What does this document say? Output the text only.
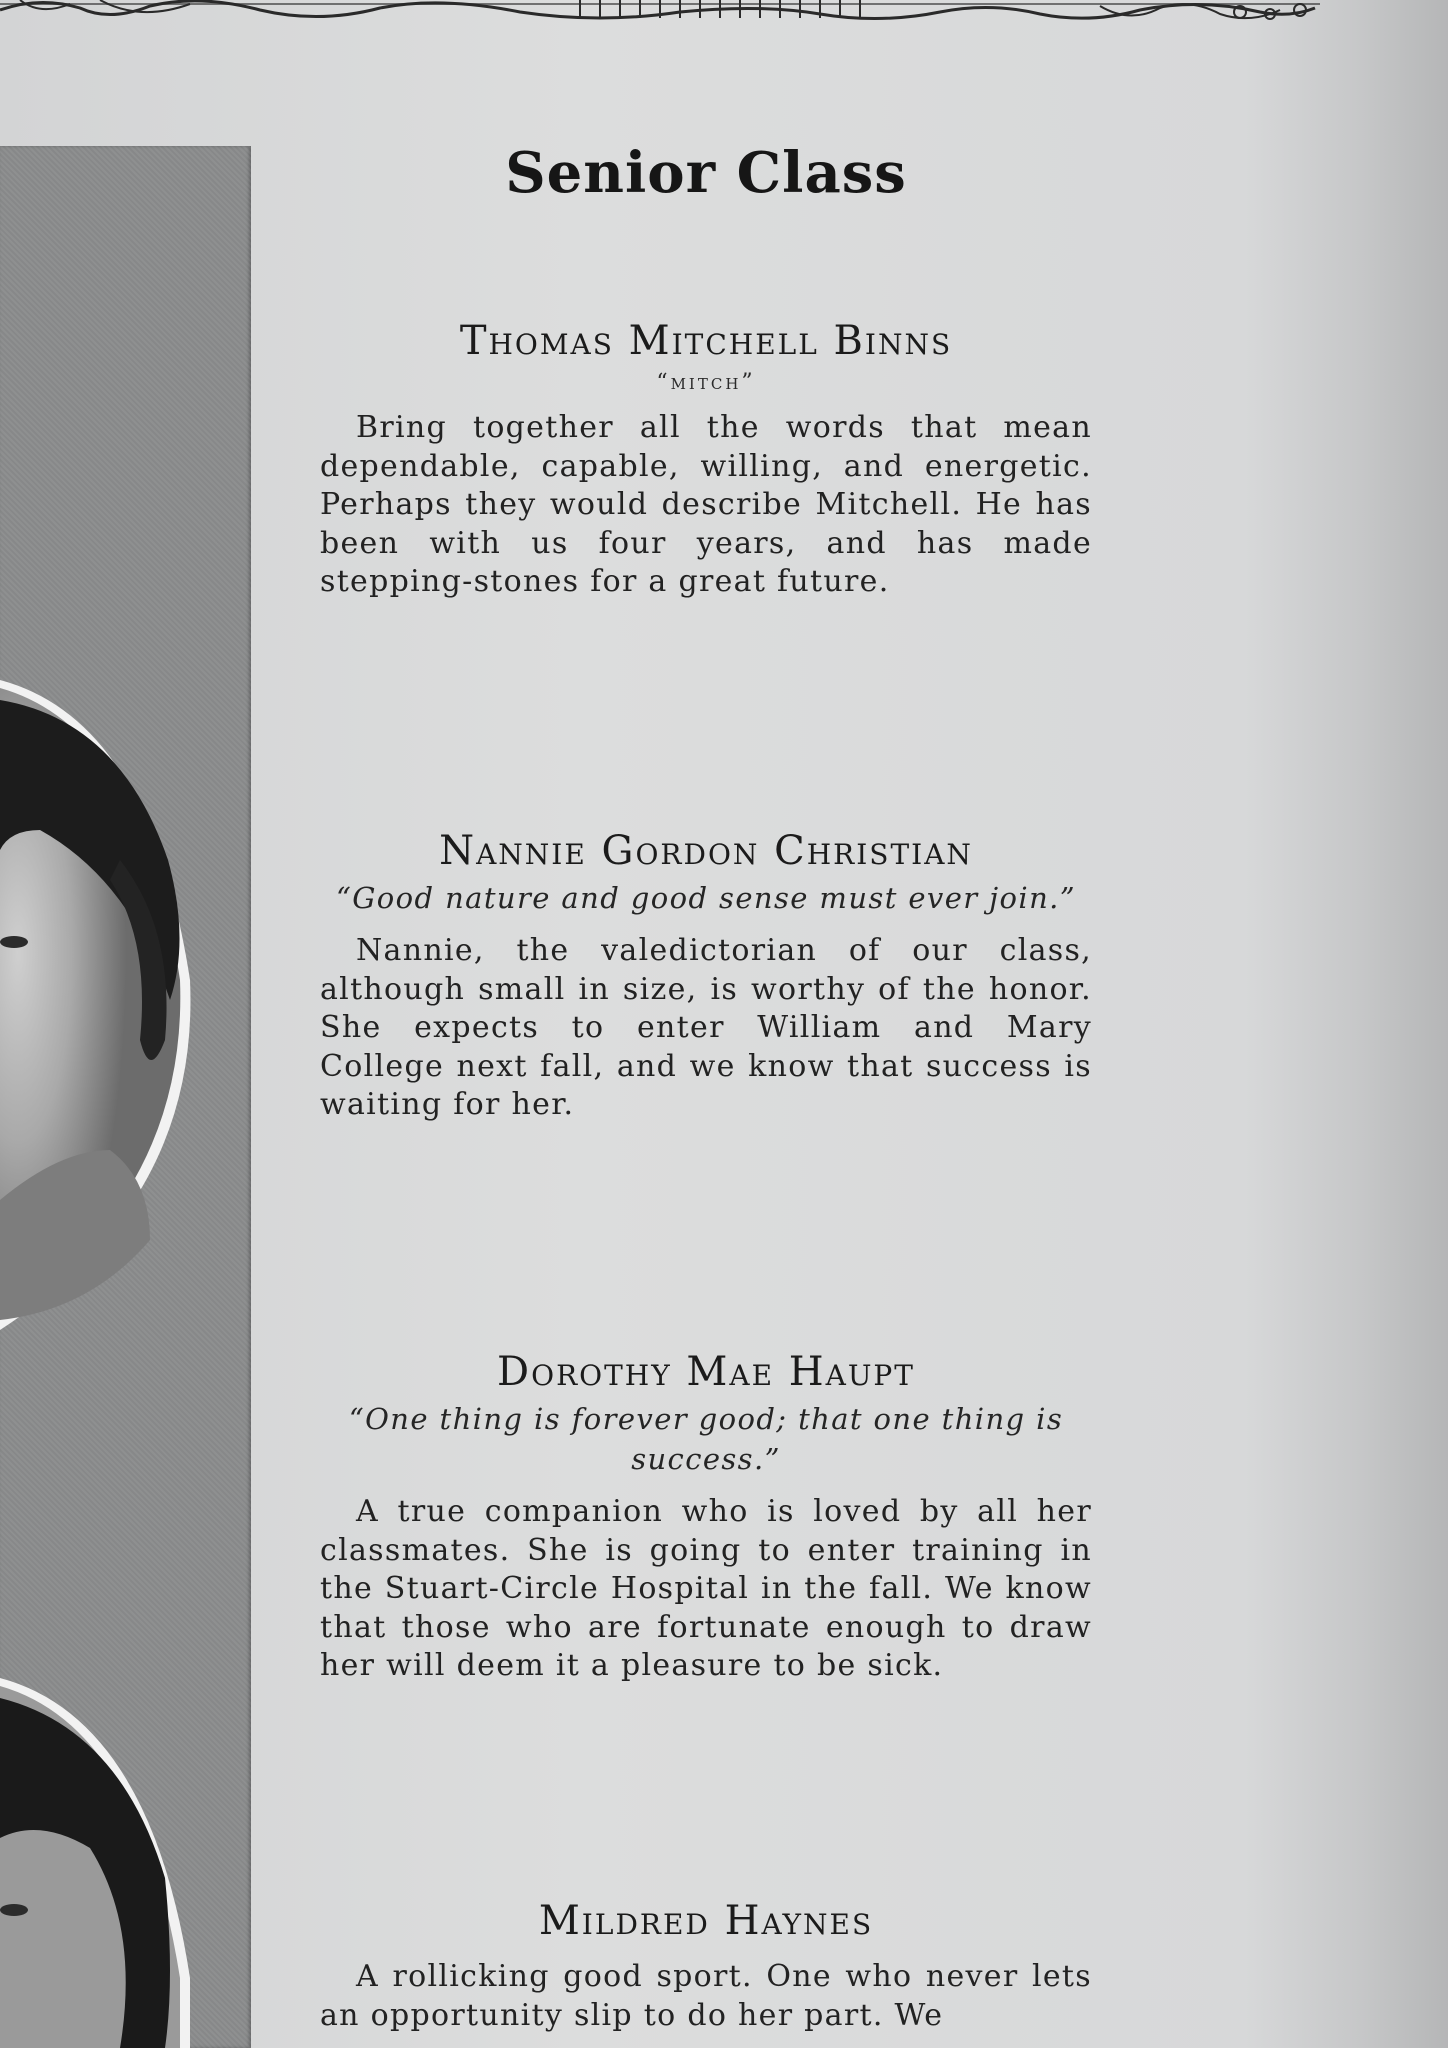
Senior Class
Thomas Mitchell Binns

“mitch”

Bring together all the words that mean dependable, capable, willing, and energetic. Perhaps they would describe Mitchell. He has been with us four years, and has made stepping-stones for a great future.

Nannie Gordon Christian

“Good nature and good sense must ever join.”

Nannie, the valedictorian of our class, although small in size, is worthy of the honor. She expects to enter William and Mary College next fall, and we know that success is waiting for her.

Dorothy Mae Haupt

“One thing is forever good; that one thing is success.”

A true companion who is loved by all her classmates. She is going to enter training in the Stuart-Circle Hospital in the fall. We know that those who are fortunate enough to draw her will deem it a pleasure to be sick.

Mildred Haynes

A rollicking good sport. One who never lets an opportunity slip to do her part. We
